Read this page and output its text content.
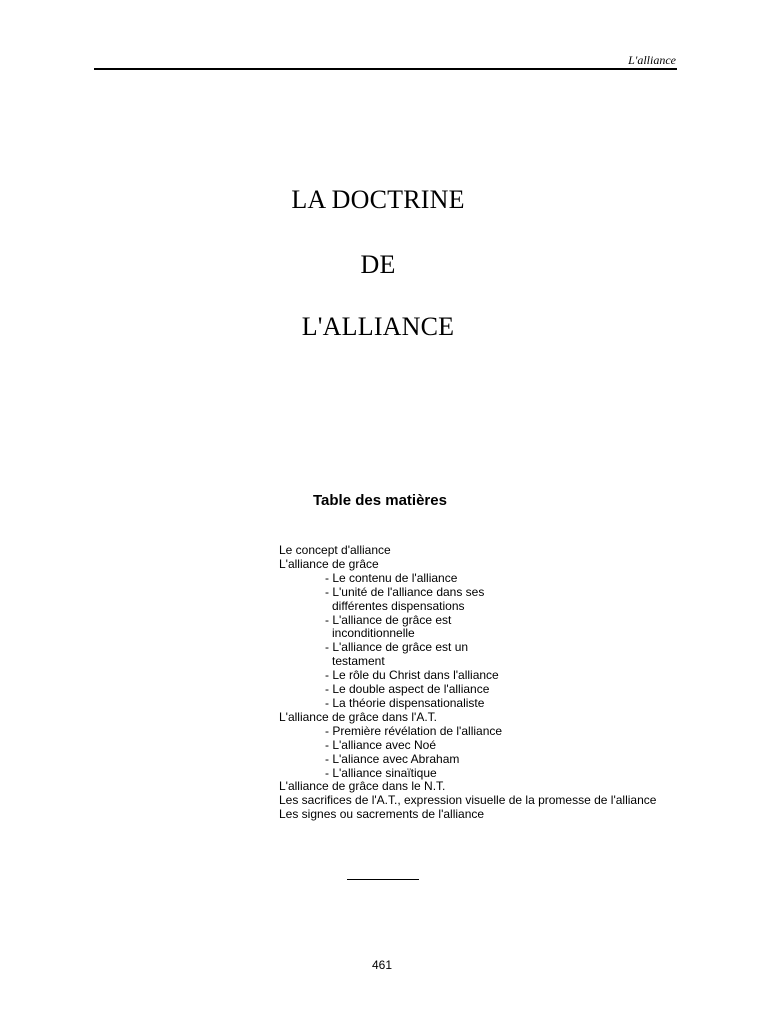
L'alliance
LA DOCTRINE
DE
L'ALLIANCE
Table des matières
Le concept d'alliance
L'alliance de grâce
- Le contenu de l'alliance
- L'unité de l'alliance dans ses
différentes dispensations
- L'alliance de grâce est
inconditionnelle
- L'alliance de grâce est un
testament
- Le rôle du Christ dans l'alliance
- Le double aspect de l'alliance
- La théorie dispensationaliste
L'alliance de grâce dans l'A.T.
- Première révélation de l'alliance
- L'alliance avec Noé
- L'aliance avec Abraham
- L'alliance sinaïtique
L'alliance de grâce dans le N.T.
Les sacrifices de l'A.T., expression visuelle de la promesse de l'alliance
Les signes ou sacrements de l'alliance
461
